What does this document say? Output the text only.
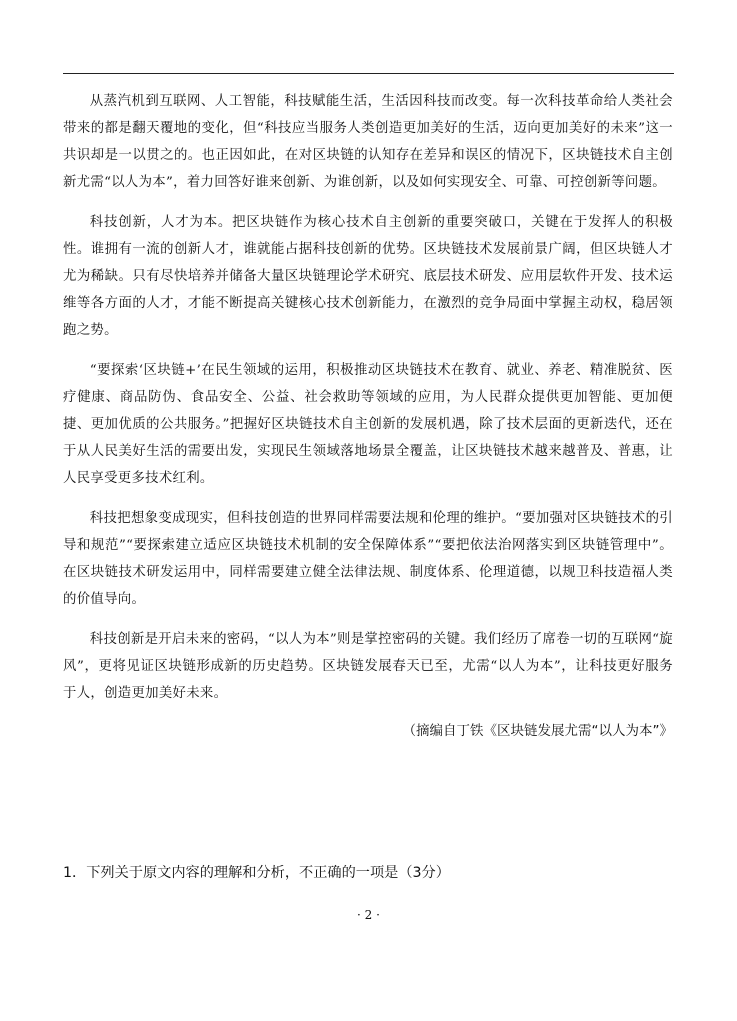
从蒸汽机到互联网、人工智能，科技赋能生活，生活因科技而改变。每一次科技革命给人类社会带来的都是翻天覆地的变化，但“科技应当服务人类创造更加美好的生活，迈向更加美好的未来”这一共识却是一以贯之的。也正因如此，在对区块链的认知存在差异和误区的情况下，区块链技术自主创新尤需“以人为本”，着力回答好谁来创新、为谁创新，以及如何实现安全、可靠、可控创新等问题。

科技创新，人才为本。把区块链作为核心技术自主创新的重要突破口，关键在于发挥人的积极性。谁拥有一流的创新人才，谁就能占据科技创新的优势。区块链技术发展前景广阔，但区块链人才尤为稀缺。只有尽快培养并储备大量区块链理论学术研究、底层技术研发、应用层软件开发、技术运维等各方面的人才，才能不断提高关键核心技术创新能力，在激烈的竞争局面中掌握主动权，稳居领跑之势。

“要探索‘区块链+’在民生领域的运用，积极推动区块链技术在教育、就业、养老、精准脱贫、医疗健康、商品防伪、食品安全、公益、社会救助等领域的应用，为人民群众提供更加智能、更加便捷、更加优质的公共服务。”把握好区块链技术自主创新的发展机遇，除了技术层面的更新迭代，还在于从人民美好生活的需要出发，实现民生领域落地场景全覆盖，让区块链技术越来越普及、普惠，让人民享受更多技术红利。

科技把想象变成现实，但科技创造的世界同样需要法规和伦理的维护。“要加强对区块链技术的引导和规范”“要探索建立适应区块链技术机制的安全保障体系”“要把依法治网落实到区块链管理中”。在区块链技术研发运用中，同样需要建立健全法律法规、制度体系、伦理道德，以规卫科技造福人类的价值导向。

科技创新是开启未来的密码，“以人为本”则是掌控密码的关键。我们经历了席卷一切的互联网“旋风”，更将见证区块链形成新的历史趋势。区块链发展春天已至，尤需“以人为本”，让科技更好服务于人，创造更加美好未来。

（摘编自丁铁《区块链发展尤需“以人为本”》

1．下列关于原文内容的理解和分析，不正确的一项是（3分）
· 2 ·
